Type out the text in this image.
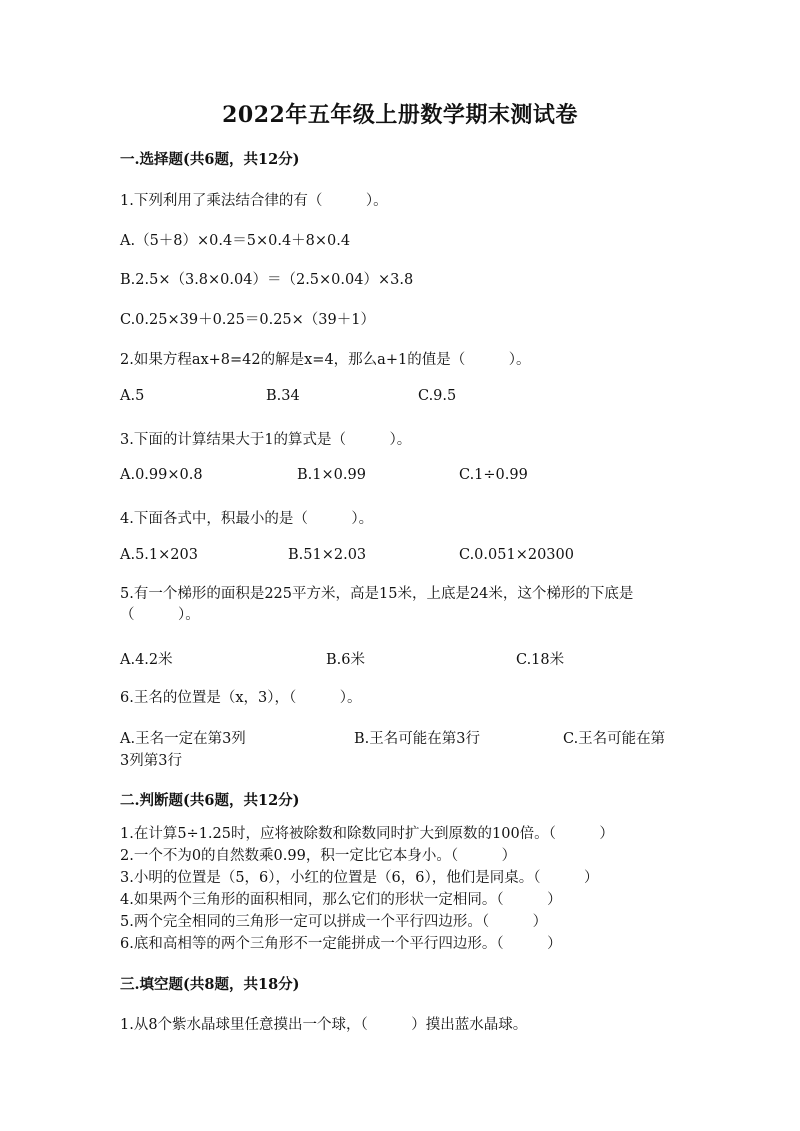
2022年五年级上册数学期末测试卷
一.选择题(共6题，共12分)
1.下列利用了乘法结合律的有（　　　）。
A.（5＋8）×0.4＝5×0.4＋8×0.4
B.2.5×（3.8×0.04）＝（2.5×0.04）×3.8
C.0.25×39＋0.25＝0.25×（39＋1）
2.如果方程ax+8=42的解是x=4，那么a+1的值是（　　　）。
A.5	B.34	C.9.5
3.下面的计算结果大于1的算式是（　　　）。
A.0.99×0.8	B.1×0.99	C.1÷0.99
4.下面各式中，积最小的是（　　　）。
A.5.1×203	B.51×2.03	C.0.051×20300
5.有一个梯形的面积是225平方米，高是15米，上底是24米，这个梯形的下底是（　　　）。
A.4.2米	B.6米	C.18米
6.王名的位置是（x，3），（　　　）。
A.王名一定在第3列	B.王名可能在第3行	C.王名可能在第
3列第3行
二.判断题(共6题，共12分)
1.在计算5÷1.25时，应将被除数和除数同时扩大到原数的100倍。（　　　）
2.一个不为0的自然数乘0.99，积一定比它本身小。（　　　）
3.小明的位置是（5，6），小红的位置是（6，6），他们是同桌。（　　　）
4.如果两个三角形的面积相同，那么它们的形状一定相同。（　　　）
5.两个完全相同的三角形一定可以拼成一个平行四边形。（　　　）
6.底和高相等的两个三角形不一定能拼成一个平行四边形。（　　　）
三.填空题(共8题，共18分)
1.从8个紫水晶球里任意摸出一个球，（　　　）摸出蓝水晶球。
